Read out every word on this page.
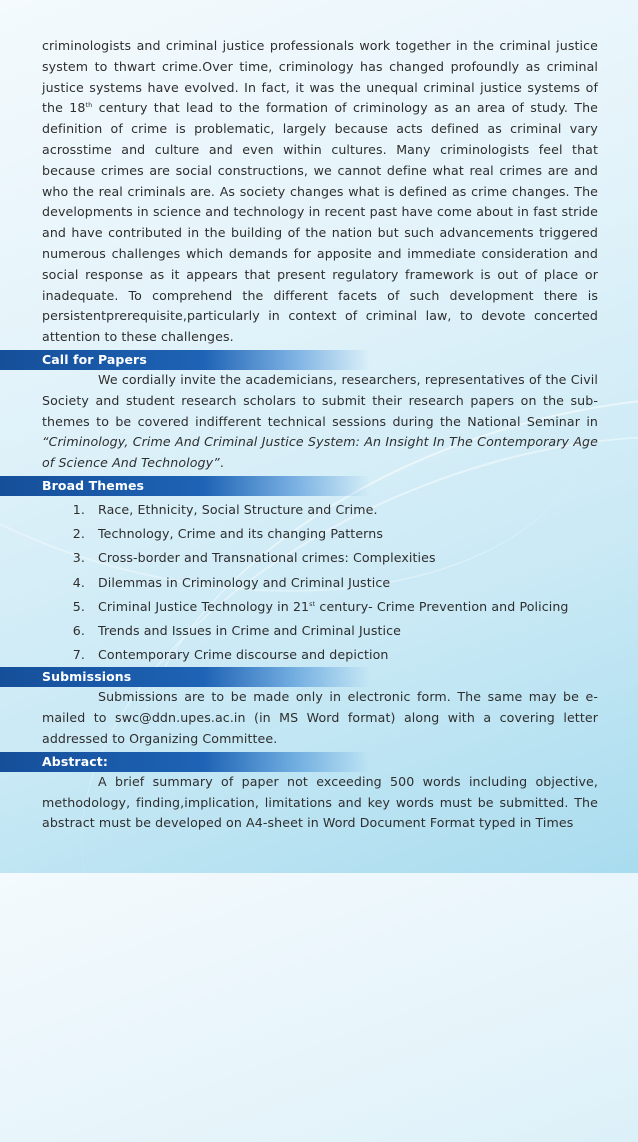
criminologists and criminal justice professionals work together in the criminal justice system to thwart crime.Over time, criminology has changed profoundly as criminal justice systems have evolved. In fact, it was the unequal criminal justice systems of the 18th century that lead to the formation of criminology as an area of study. The definition of crime is problematic, largely because acts defined as criminal vary acrosstime and culture and even within cultures. Many criminologists feel that because crimes are social constructions, we cannot define what real crimes are and who the real criminals are. As society changes what is defined as crime changes. The developments in science and technology in recent past have come about in fast stride and have contributed in the building of the nation but such advancements triggered numerous challenges which demands for apposite and immediate consideration and social response as it appears that present regulatory framework is out of place or inadequate. To comprehend the different facets of such development there is persistentprerequisite,particularly in context of criminal law, to devote concerted attention to these challenges.

Call for Papers

We cordially invite the academicians, researchers, representatives of the Civil Society and student research scholars to submit their research papers on the sub-themes to be covered indifferent technical sessions during the National Seminar in “Criminology, Crime And Criminal Justice System: An Insight In The Contemporary Age of Science And Technology”.

Broad Themes
1.	Race, Ethnicity, Social Structure and Crime.
2.	Technology, Crime and its changing Patterns
3.	Cross-border and Transnational crimes: Complexities
4.	Dilemmas in Criminology and Criminal Justice
5.	Criminal Justice Technology in 21st century- Crime Prevention and Policing
6.	Trends and Issues in Crime and Criminal Justice
7.	Contemporary Crime discourse and depiction
Submissions

Submissions are to be made only in electronic form. The same may be e-mailed to swc@ddn.upes.ac.in (in MS Word format) along with a covering letter addressed to Organizing Committee.

Abstract:

A brief summary of paper not exceeding 500 words including objective, methodology, finding,implication, limitations and key words must be submitted. The abstract must be developed on A4-sheet in Word Document Format typed in Times
